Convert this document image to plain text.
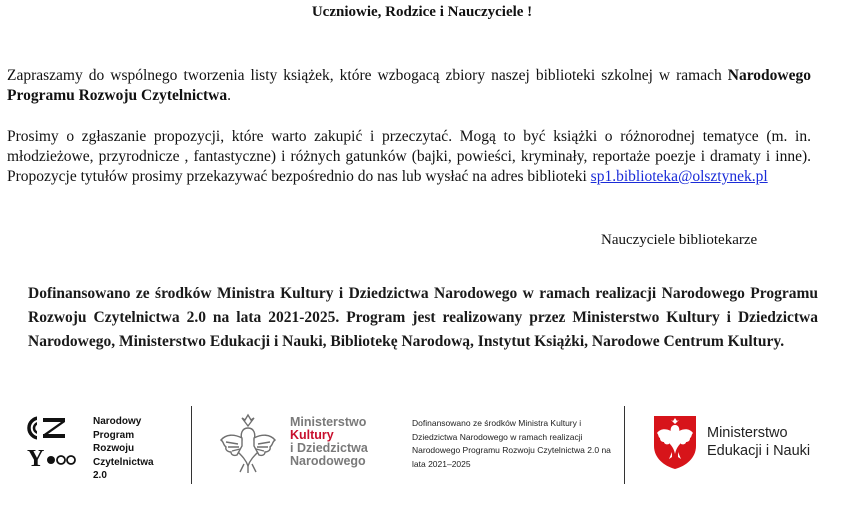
Uczniowie, Rodzice i Nauczyciele !
Zapraszamy do wspólnego tworzenia listy książek, które wzbogacą zbiory naszej biblioteki szkolnej w ramach Narodowego Programu Rozwoju Czytelnictwa.
Prosimy o zgłaszanie propozycji, które warto zakupić i przeczytać. Mogą to być książki o różnorodnej tematyce (m. in. młodzieżowe, przyrodnicze , fantastyczne) i różnych gatunków (bajki, powieści, kryminały, reportaże poezje i dramaty i inne). Propozycje tytułów prosimy przekazywać bezpośrednio do nas lub wysłać na adres biblioteki sp1.biblioteka@olsztynek.pl
Nauczyciele bibliotekarze
Dofinansowano ze środków Ministra Kultury i Dziedzictwa Narodowego w ramach realizacji Narodowego Programu Rozwoju Czytelnictwa 2.0 na lata 2021-2025. Program jest realizowany przez Ministerstwo Kultury i Dziedzictwa Narodowego, Ministerstwo Edukacji i Nauki, Bibliotekę Narodową, Instytut Książki, Narodowe Centrum Kultury.
Y
Narodowy
Program
Rozwoju
Czytelnictwa
2.0
Ministerstwo
Kultury
i Dziedzictwa
Narodowego
Dofinansowano ze środków Ministra Kultury i Dziedzictwa Narodowego w ramach realizacji Narodowego Programu Rozwoju Czytelnictwa 2.0 na lata 2021–2025
Ministerstwo
Edukacji i Nauki
